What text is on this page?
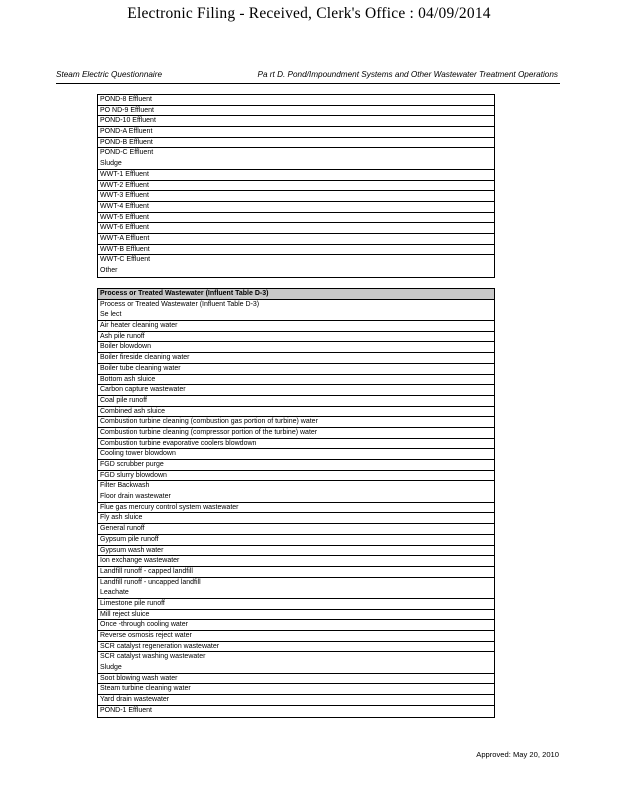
Electronic Filing - Received, Clerk's Office : 04/09/2014
Steam Electric Questionnaire	Pa rt D. Pond/Impoundment Systems and Other Wastewater Treatment Operations
POND-8 Effluent
PO ND-9 Effluent
POND-10 Effluent
POND-A Effluent
POND-B Effluent
POND-C Effluent
Sludge
WWT-1 Effluent
WWT-2 Effluent
WWT-3 Effluent
WWT-4 Effluent
WWT-5 Effluent
WWT-6 Effluent
WWT-A Effluent
WWT-B Effluent
WWT-C Effluent
Other
Process or Treated Wastewater (Influent Table D-3)
Process or Treated Wastewater (Influent Table D-3)
Se lect
Air heater cleaning water
Ash pile runoff
Boiler blowdown
Boiler fireside cleaning water
Boiler tube cleaning water
Bottom ash sluice
Carbon capture wastewater
Coal pile runoff
Combined ash sluice
Combustion turbine cleaning (combustion gas portion of turbine) water
Combustion turbine cleaning (compressor portion of the turbine) water
Combustion turbine evaporative coolers blowdown
Cooling tower blowdown
FGD scrubber purge
FGD slurry blowdown
Filter Backwash
Floor drain wastewater
Flue gas mercury control system wastewater
Fly ash sluice
General runoff
Gypsum pile runoff
Gypsum wash water
Ion exchange wastewater
Landfill runoff - capped landfill
Landfill runoff - uncapped landfill
Leachate
Limestone pile runoff
Mill reject sluice
Once -through cooling water
Reverse osmosis reject water
SCR catalyst regeneration wastewater
SCR catalyst washing wastewater
Sludge
Soot blowing wash water
Steam turbine cleaning water
Yard drain wastewater
POND-1 Effluent
Approved: May 20, 2010
